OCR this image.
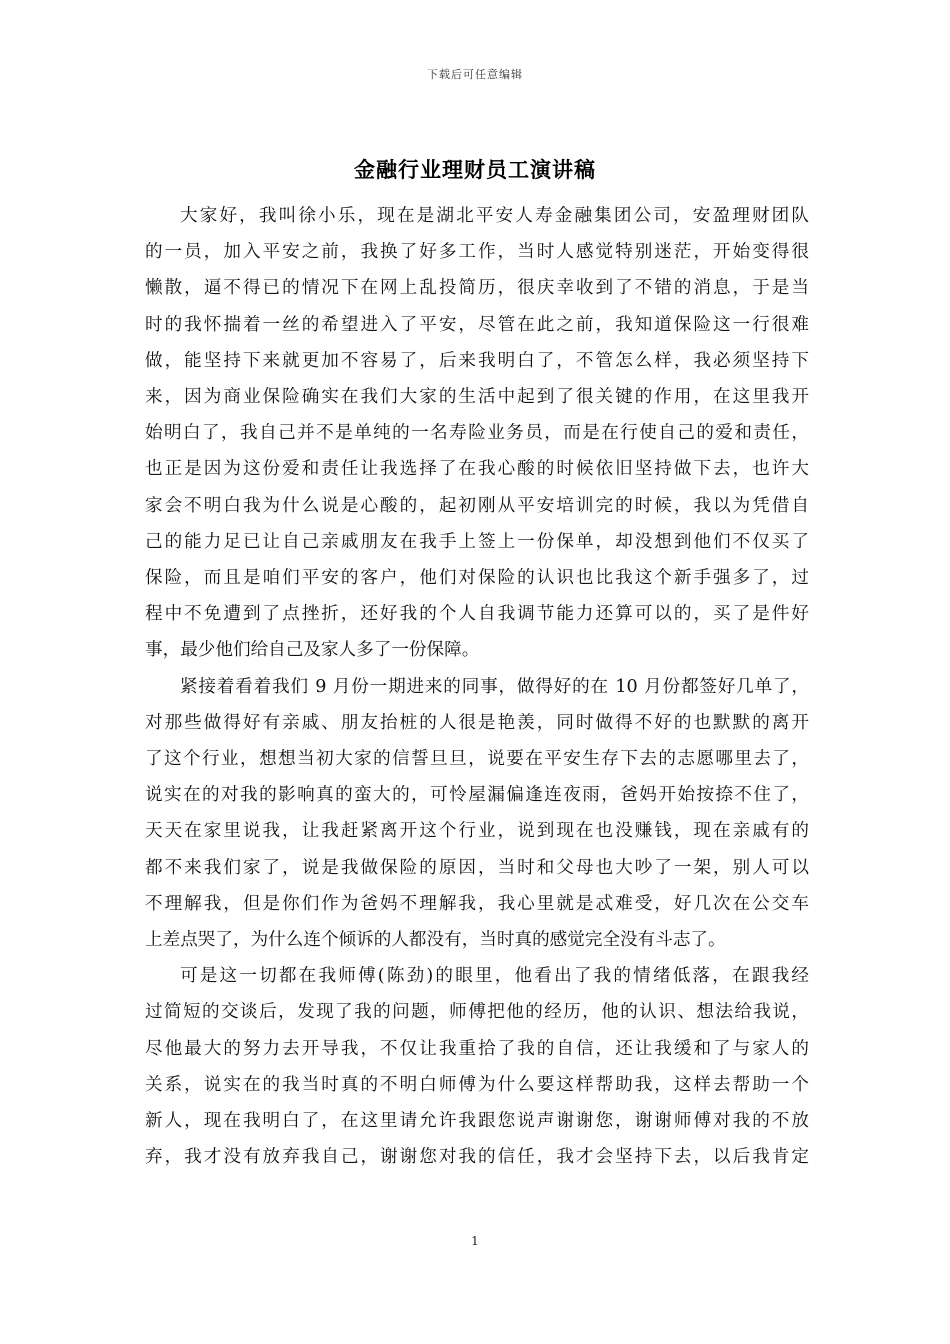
下载后可任意编辑
金融行业理财员工演讲稿
大家好，我叫徐小乐，现在是湖北平安人寿金融集团公司，安盈理财团队
的一员，加入平安之前，我换了好多工作，当时人感觉特别迷茫，开始变得很
懒散，逼不得已的情况下在网上乱投简历，很庆幸收到了不错的消息，于是当
时的我怀揣着一丝的希望进入了平安，尽管在此之前，我知道保险这一行很难
做，能坚持下来就更加不容易了，后来我明白了，不管怎么样，我必须坚持下
来，因为商业保险确实在我们大家的生活中起到了很关键的作用，在这里我开
始明白了，我自己并不是单纯的一名寿险业务员，而是在行使自己的爱和责任，
也正是因为这份爱和责任让我选择了在我心酸的时候依旧坚持做下去，也许大
家会不明白我为什么说是心酸的，起初刚从平安培训完的时候，我以为凭借自
己的能力足已让自己亲戚朋友在我手上签上一份保单，却没想到他们不仅买了
保险，而且是咱们平安的客户，他们对保险的认识也比我这个新手强多了，过
程中不免遭到了点挫折，还好我的个人自我调节能力还算可以的，买了是件好
事，最少他们给自己及家人多了一份保障。
紧接着看着我们 9 月份一期进来的同事，做得好的在 10 月份都签好几单了，
对那些做得好有亲戚、朋友抬桩的人很是艳羡，同时做得不好的也默默的离开
了这个行业，想想当初大家的信誓旦旦，说要在平安生存下去的志愿哪里去了，
说实在的对我的影响真的蛮大的，可怜屋漏偏逢连夜雨，爸妈开始按捺不住了，
天天在家里说我，让我赶紧离开这个行业，说到现在也没赚钱，现在亲戚有的
都不来我们家了，说是我做保险的原因，当时和父母也大吵了一架，别人可以
不理解我，但是你们作为爸妈不理解我，我心里就是忒难受，好几次在公交车
上差点哭了，为什么连个倾诉的人都没有，当时真的感觉完全没有斗志了。
可是这一切都在我师傅(陈劲)的眼里，他看出了我的情绪低落，在跟我经
过简短的交谈后，发现了我的问题，师傅把他的经历，他的认识、想法给我说，
尽他最大的努力去开导我，不仅让我重拾了我的自信，还让我缓和了与家人的
关系，说实在的我当时真的不明白师傅为什么要这样帮助我，这样去帮助一个
新人，现在我明白了，在这里请允许我跟您说声谢谢您，谢谢师傅对我的不放
弃，我才没有放弃我自己，谢谢您对我的信任，我才会坚持下去，以后我肯定
1
